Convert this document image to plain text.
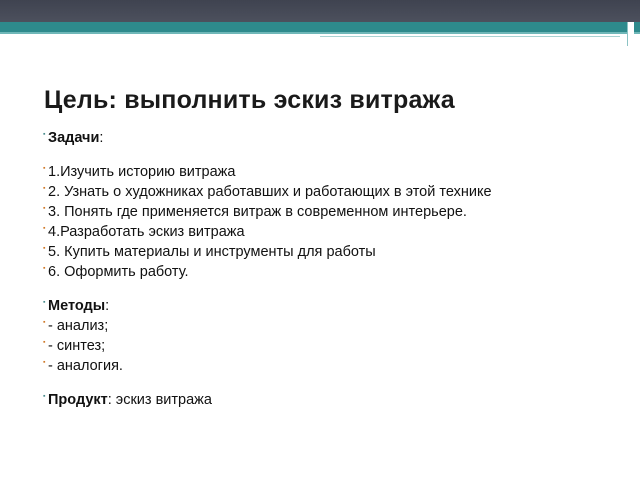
Цель: выполнить эскиз витража
▪ Задачи:
▪ 1.Изучить историю витража
▪ 2. Узнать о художниках работавших и работающих в этой технике
▪ 3. Понять где применяется витраж в современном интерьере.
▪ 4.Разработать эскиз витража
▪ 5. Купить материалы и инструменты для работы
▪ 6. Оформить работу.
▪ Методы:
▪ - анализ;
▪ - синтез;
▪ - аналогия.
▪ Продукт: эскиз витража
